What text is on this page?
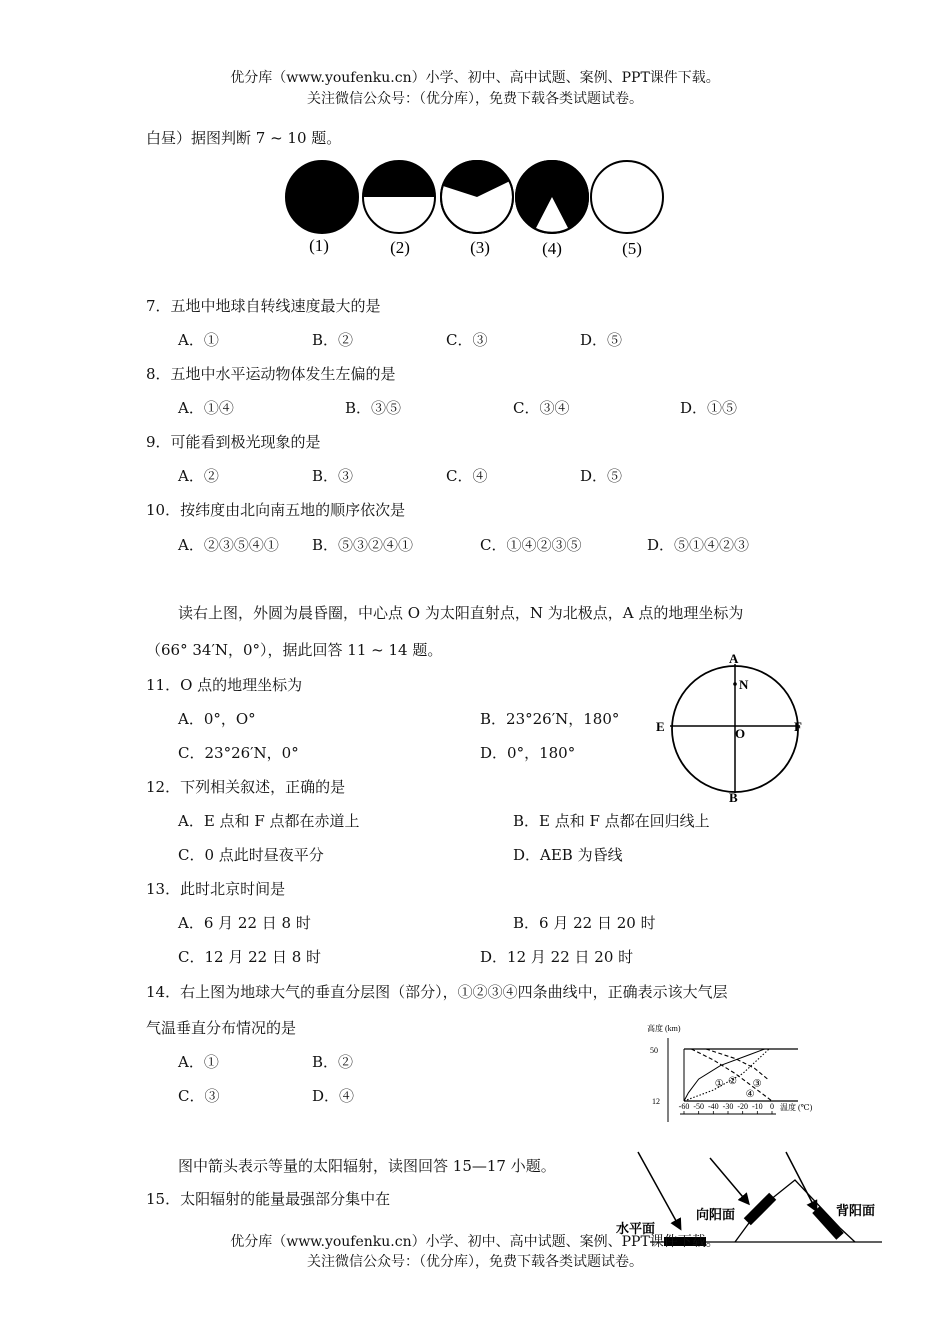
优分库（www.youfenku.cn）小学、初中、高中试题、案例、PPT课件下载。
关注微信公众号：（优分库），免费下载各类试题试卷。
白昼）据图判断 7 ~ 10 题。
(1)	(2)	(3)	(4)	(5)
7．五地中地球自转线速度最大的是
A．①	B．②	C．③	D．⑤
8．五地中水平运动物体发生左偏的是
A．①④	B．③⑤	C．③④	D．①⑤
9．可能看到极光现象的是
A．②	B．③	C．④	D．⑤
10．按纬度由北向南五地的顺序依次是
A．②③⑤④① B．⑤③②④①	C．①④②③⑤	D．⑤①④②③
读右上图，外圆为晨昏圈，中心点 O 为太阳直射点，N 为北极点，A 点的地理坐标为
（66° 34′N，0°），据此回答 11 ~ 14 题。	A
N
E	O	F
B
11．O 点的地理坐标为
A．0°，O°	B．23°26′N，180°
C．23°26′N，0°	D．0°，180°
12．下列相关叙述，正确的是
A．E 点和 F 点都在赤道上	B．E 点和 F 点都在回归线上
C．0 点此时昼夜平分	D．AEB 为昏线
13．此时北京时间是
A．6 月 22 日 8 时	B．6 月 22 日 20 时
C．12 月 22 日 8 时	D．12 月 22 日 20 时
14．右上图为地球大气的垂直分层图（部分），①②③④四条曲线中，正确表示该大气层
气温垂直分布情况的是
A．①	B．②
C．③	D．④
高度 (km)
50
12
-60 -50 -40 -30 -20 -10 0 温度 (℃)
① ② ③
④
图中箭头表示等量的太阳辐射，读图回答 15—17 小题。
15．太阳辐射的能量最强部分集中在
水平面
向阳面	背阳面
优分库（www.youfenku.cn）小学、初中、高中试题、案例、PPT课件下载。
关注微信公众号：（优分库），免费下载各类试题试卷。
